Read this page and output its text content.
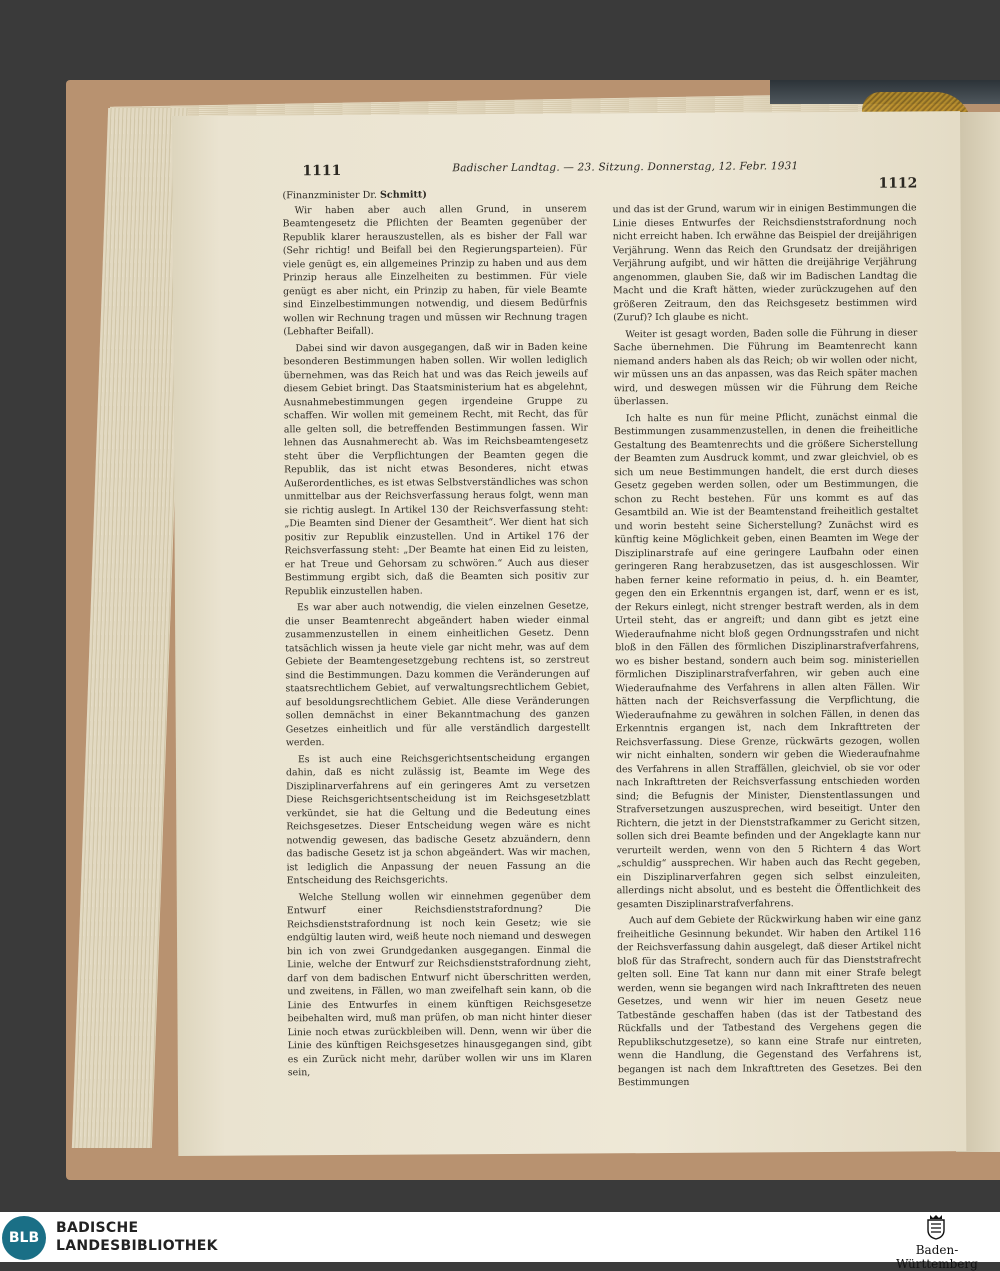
1111	Badischer Landtag. — 23. Sitzung. Donnerstag, 12. Febr. 1931
1112
(Finanzminister Dr. Schmitt)

Wir haben aber auch allen Grund, in unserem Beamtengesetz die Pflichten der Beamten gegenüber der Republik klarer herauszustellen, als es bisher der Fall war (Sehr richtig! und Beifall bei den Regierungsparteien). Für viele genügt es, ein allgemeines Prinzip zu haben und aus dem Prinzip heraus alle Einzelheiten zu bestimmen. Für viele genügt es aber nicht, ein Prinzip zu haben, für viele Beamte sind Einzelbestimmungen notwendig, und diesem Bedürfnis wollen wir Rechnung tragen und müssen wir Rechnung tragen (Lebhafter Beifall).

Dabei sind wir davon ausgegangen, daß wir in Baden keine besonderen Bestimmungen haben sollen. Wir wollen lediglich übernehmen, was das Reich hat und was das Reich jeweils auf diesem Gebiet bringt. Das Staatsministerium hat es abgelehnt, Ausnahmebestimmungen gegen irgendeine Gruppe zu schaffen. Wir wollen mit gemeinem Recht, mit Recht, das für alle gelten soll, die betreffenden Bestimmungen fassen. Wir lehnen das Ausnahmerecht ab. Was im Reichsbeamtengesetz steht über die Verpflichtungen der Beamten gegen die Republik, das ist nicht etwas Besonderes, nicht etwas Außerordentliches, es ist etwas Selbstverständliches was schon unmittelbar aus der Reichsverfassung heraus folgt, wenn man sie richtig auslegt. In Artikel 130 der Reichsverfassung steht: „Die Beamten sind Diener der Gesamtheit“. Wer dient hat sich positiv zur Republik einzustellen. Und in Artikel 176 der Reichsverfassung steht: „Der Beamte hat einen Eid zu leisten, er hat Treue und Gehorsam zu schwören.“ Auch aus dieser Bestimmung ergibt sich, daß die Beamten sich positiv zur Republik einzustellen haben.

Es war aber auch notwendig, die vielen einzelnen Gesetze, die unser Beamtenrecht abgeändert haben wieder einmal zusammenzustellen in einem einheitlichen Gesetz. Denn tatsächlich wissen ja heute viele gar nicht mehr, was auf dem Gebiete der Beamtengesetzgebung rechtens ist, so zerstreut sind die Bestimmungen. Dazu kommen die Veränderungen auf staatsrechtlichem Gebiet, auf verwaltungsrechtlichem Gebiet, auf besoldungsrechtlichem Gebiet. Alle diese Veränderungen sollen demnächst in einer Bekanntmachung des ganzen Gesetzes einheitlich und für alle verständlich dargestellt werden.

Es ist auch eine Reichsgerichtsentscheidung ergangen dahin, daß es nicht zulässig ist, Beamte im Wege des Disziplinarverfahrens auf ein geringeres Amt zu versetzen Diese Reichsgerichtsentscheidung ist im Reichsgesetzblatt verkündet, sie hat die Geltung und die Bedeutung eines Reichsgesetzes. Dieser Entscheidung wegen wäre es nicht notwendig gewesen, das badische Gesetz abzuändern, denn das badische Gesetz ist ja schon abgeändert. Was wir machen, ist lediglich die Anpassung der neuen Fassung an die Entscheidung des Reichsgerichts.

Welche Stellung wollen wir einnehmen gegenüber dem Entwurf einer Reichsdienststrafordnung? Die Reichsdienststrafordnung ist noch kein Gesetz; wie sie endgültig lauten wird, weiß heute noch niemand und deswegen bin ich von zwei Grundgedanken ausgegangen. Einmal die Linie, welche der Entwurf zur Reichsdienststrafordnung zieht, darf von dem badischen Entwurf nicht überschritten werden, und zweitens, in Fällen, wo man zweifelhaft sein kann, ob die Linie des Entwurfes in einem künftigen Reichsgesetze beibehalten wird, muß man prüfen, ob man nicht hinter dieser Linie noch etwas zurückbleiben will. Denn, wenn wir über die Linie des künftigen Reichsgesetzes hinausgegangen sind, gibt es ein Zurück nicht mehr, darüber wollen wir uns im Klaren sein,

und das ist der Grund, warum wir in einigen Bestimmungen die Linie dieses Entwurfes der Reichsdienststrafordnung noch nicht erreicht haben. Ich erwähne das Beispiel der dreijährigen Verjährung. Wenn das Reich den Grundsatz der dreijährigen Verjährung aufgibt, und wir hätten die dreijährige Verjährung angenommen, glauben Sie, daß wir im Badischen Landtag die Macht und die Kraft hätten, wieder zurückzugehen auf den größeren Zeitraum, den das Reichsgesetz bestimmen wird (Zuruf)? Ich glaube es nicht.

Weiter ist gesagt worden, Baden solle die Führung in dieser Sache übernehmen. Die Führung im Beamtenrecht kann niemand anders haben als das Reich; ob wir wollen oder nicht, wir müssen uns an das anpassen, was das Reich später machen wird, und deswegen müssen wir die Führung dem Reiche überlassen.

Ich halte es nun für meine Pflicht, zunächst einmal die Bestimmungen zusammenzustellen, in denen die freiheitliche Gestaltung des Beamtenrechts und die größere Sicherstellung der Beamten zum Ausdruck kommt, und zwar gleichviel, ob es sich um neue Bestimmungen handelt, die erst durch dieses Gesetz gegeben werden sollen, oder um Bestimmungen, die schon zu Recht bestehen. Für uns kommt es auf das Gesamtbild an. Wie ist der Beamtenstand freiheitlich gestaltet und worin besteht seine Sicherstellung? Zunächst wird es künftig keine Möglichkeit geben, einen Beamten im Wege der Disziplinarstrafe auf eine geringere Laufbahn oder einen geringeren Rang herabzusetzen, das ist ausgeschlossen. Wir haben ferner keine reformatio in peius, d. h. ein Beamter, gegen den ein Erkenntnis ergangen ist, darf, wenn er es ist, der Rekurs einlegt, nicht strenger bestraft werden, als in dem Urteil steht, das er angreift; und dann gibt es jetzt eine Wiederaufnahme nicht bloß gegen Ordnungsstrafen und nicht bloß in den Fällen des förmlichen Disziplinarstrafverfahrens, wo es bisher bestand, sondern auch beim sog. ministeriellen förmlichen Disziplinarstrafverfahren, wir geben auch eine Wiederaufnahme des Verfahrens in allen alten Fällen. Wir hätten nach der Reichsverfassung die Verpflichtung, die Wiederaufnahme zu gewähren in solchen Fällen, in denen das Erkenntnis ergangen ist, nach dem Inkrafttreten der Reichsverfassung. Diese Grenze, rückwärts gezogen, wollen wir nicht einhalten, sondern wir geben die Wiederaufnahme des Verfahrens in allen Straffällen, gleichviel, ob sie vor oder nach Inkrafttreten der Reichsverfassung entschieden worden sind; die Befugnis der Minister, Dienstentlassungen und Strafversetzungen auszusprechen, wird beseitigt. Unter den Richtern, die jetzt in der Dienststrafkammer zu Gericht sitzen, sollen sich drei Beamte befinden und der Angeklagte kann nur verurteilt werden, wenn von den 5 Richtern 4 das Wort „schuldig“ aussprechen. Wir haben auch das Recht gegeben, ein Disziplinarverfahren gegen sich selbst einzuleiten, allerdings nicht absolut, und es besteht die Öffentlichkeit des gesamten Disziplinarstrafverfahrens.

Auch auf dem Gebiete der Rückwirkung haben wir eine ganz freiheitliche Gesinnung bekundet. Wir haben den Artikel 116 der Reichsverfassung dahin ausgelegt, daß dieser Artikel nicht bloß für das Strafrecht, sondern auch für das Dienststrafrecht gelten soll. Eine Tat kann nur dann mit einer Strafe belegt werden, wenn sie begangen wird nach Inkrafttreten des neuen Gesetzes, und wenn wir hier im neuen Gesetz neue Tatbestände geschaffen haben (das ist der Tatbestand des Rückfalls und der Tatbestand des Vergehens gegen die Republikschutzgesetze), so kann eine Strafe nur eintreten, wenn die Handlung, die Gegenstand des Verfahrens ist, begangen ist nach dem Inkrafttreten des Gesetzes. Bei den Bestimmungen

BLB
BADISCHE
LANDESBIBLIOTHEK	Baden-Württemberg
